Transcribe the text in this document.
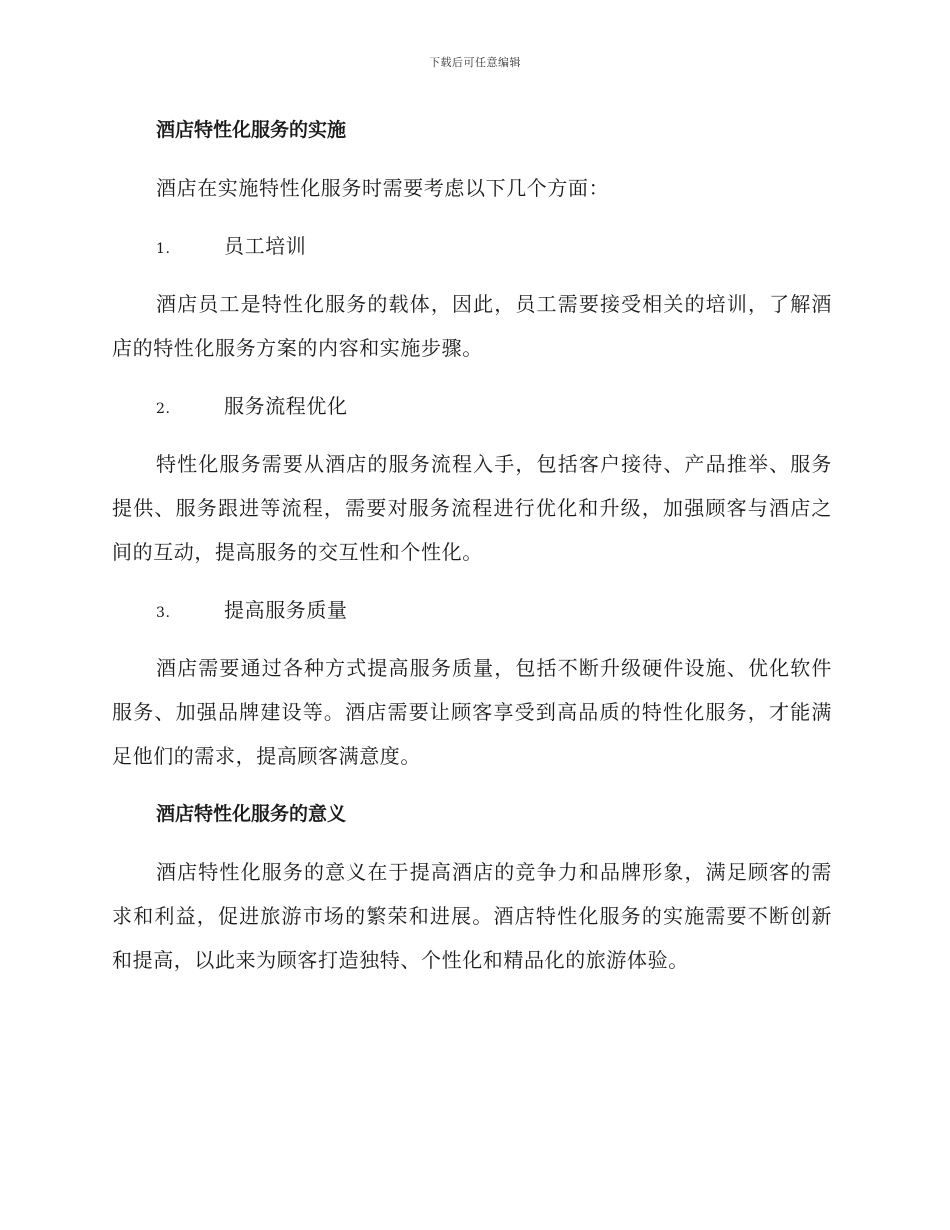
下载后可任意编辑
酒店特性化服务的实施

酒店在实施特性化服务时需要考虑以下几个方面：

1.	员工培训

酒店员工是特性化服务的载体，因此，员工需要接受相关的培训，了解酒店的特性化服务方案的内容和实施步骤。

2.	服务流程优化

特性化服务需要从酒店的服务流程入手，包括客户接待、产品推举、服务提供、服务跟进等流程，需要对服务流程进行优化和升级，加强顾客与酒店之间的互动，提高服务的交互性和个性化。

3.	提高服务质量

酒店需要通过各种方式提高服务质量，包括不断升级硬件设施、优化软件服务、加强品牌建设等。酒店需要让顾客享受到高品质的特性化服务，才能满足他们的需求，提高顾客满意度。

酒店特性化服务的意义

酒店特性化服务的意义在于提高酒店的竞争力和品牌形象，满足顾客的需求和利益，促进旅游市场的繁荣和进展。酒店特性化服务的实施需要不断创新和提高，以此来为顾客打造独特、个性化和精品化的旅游体验。
